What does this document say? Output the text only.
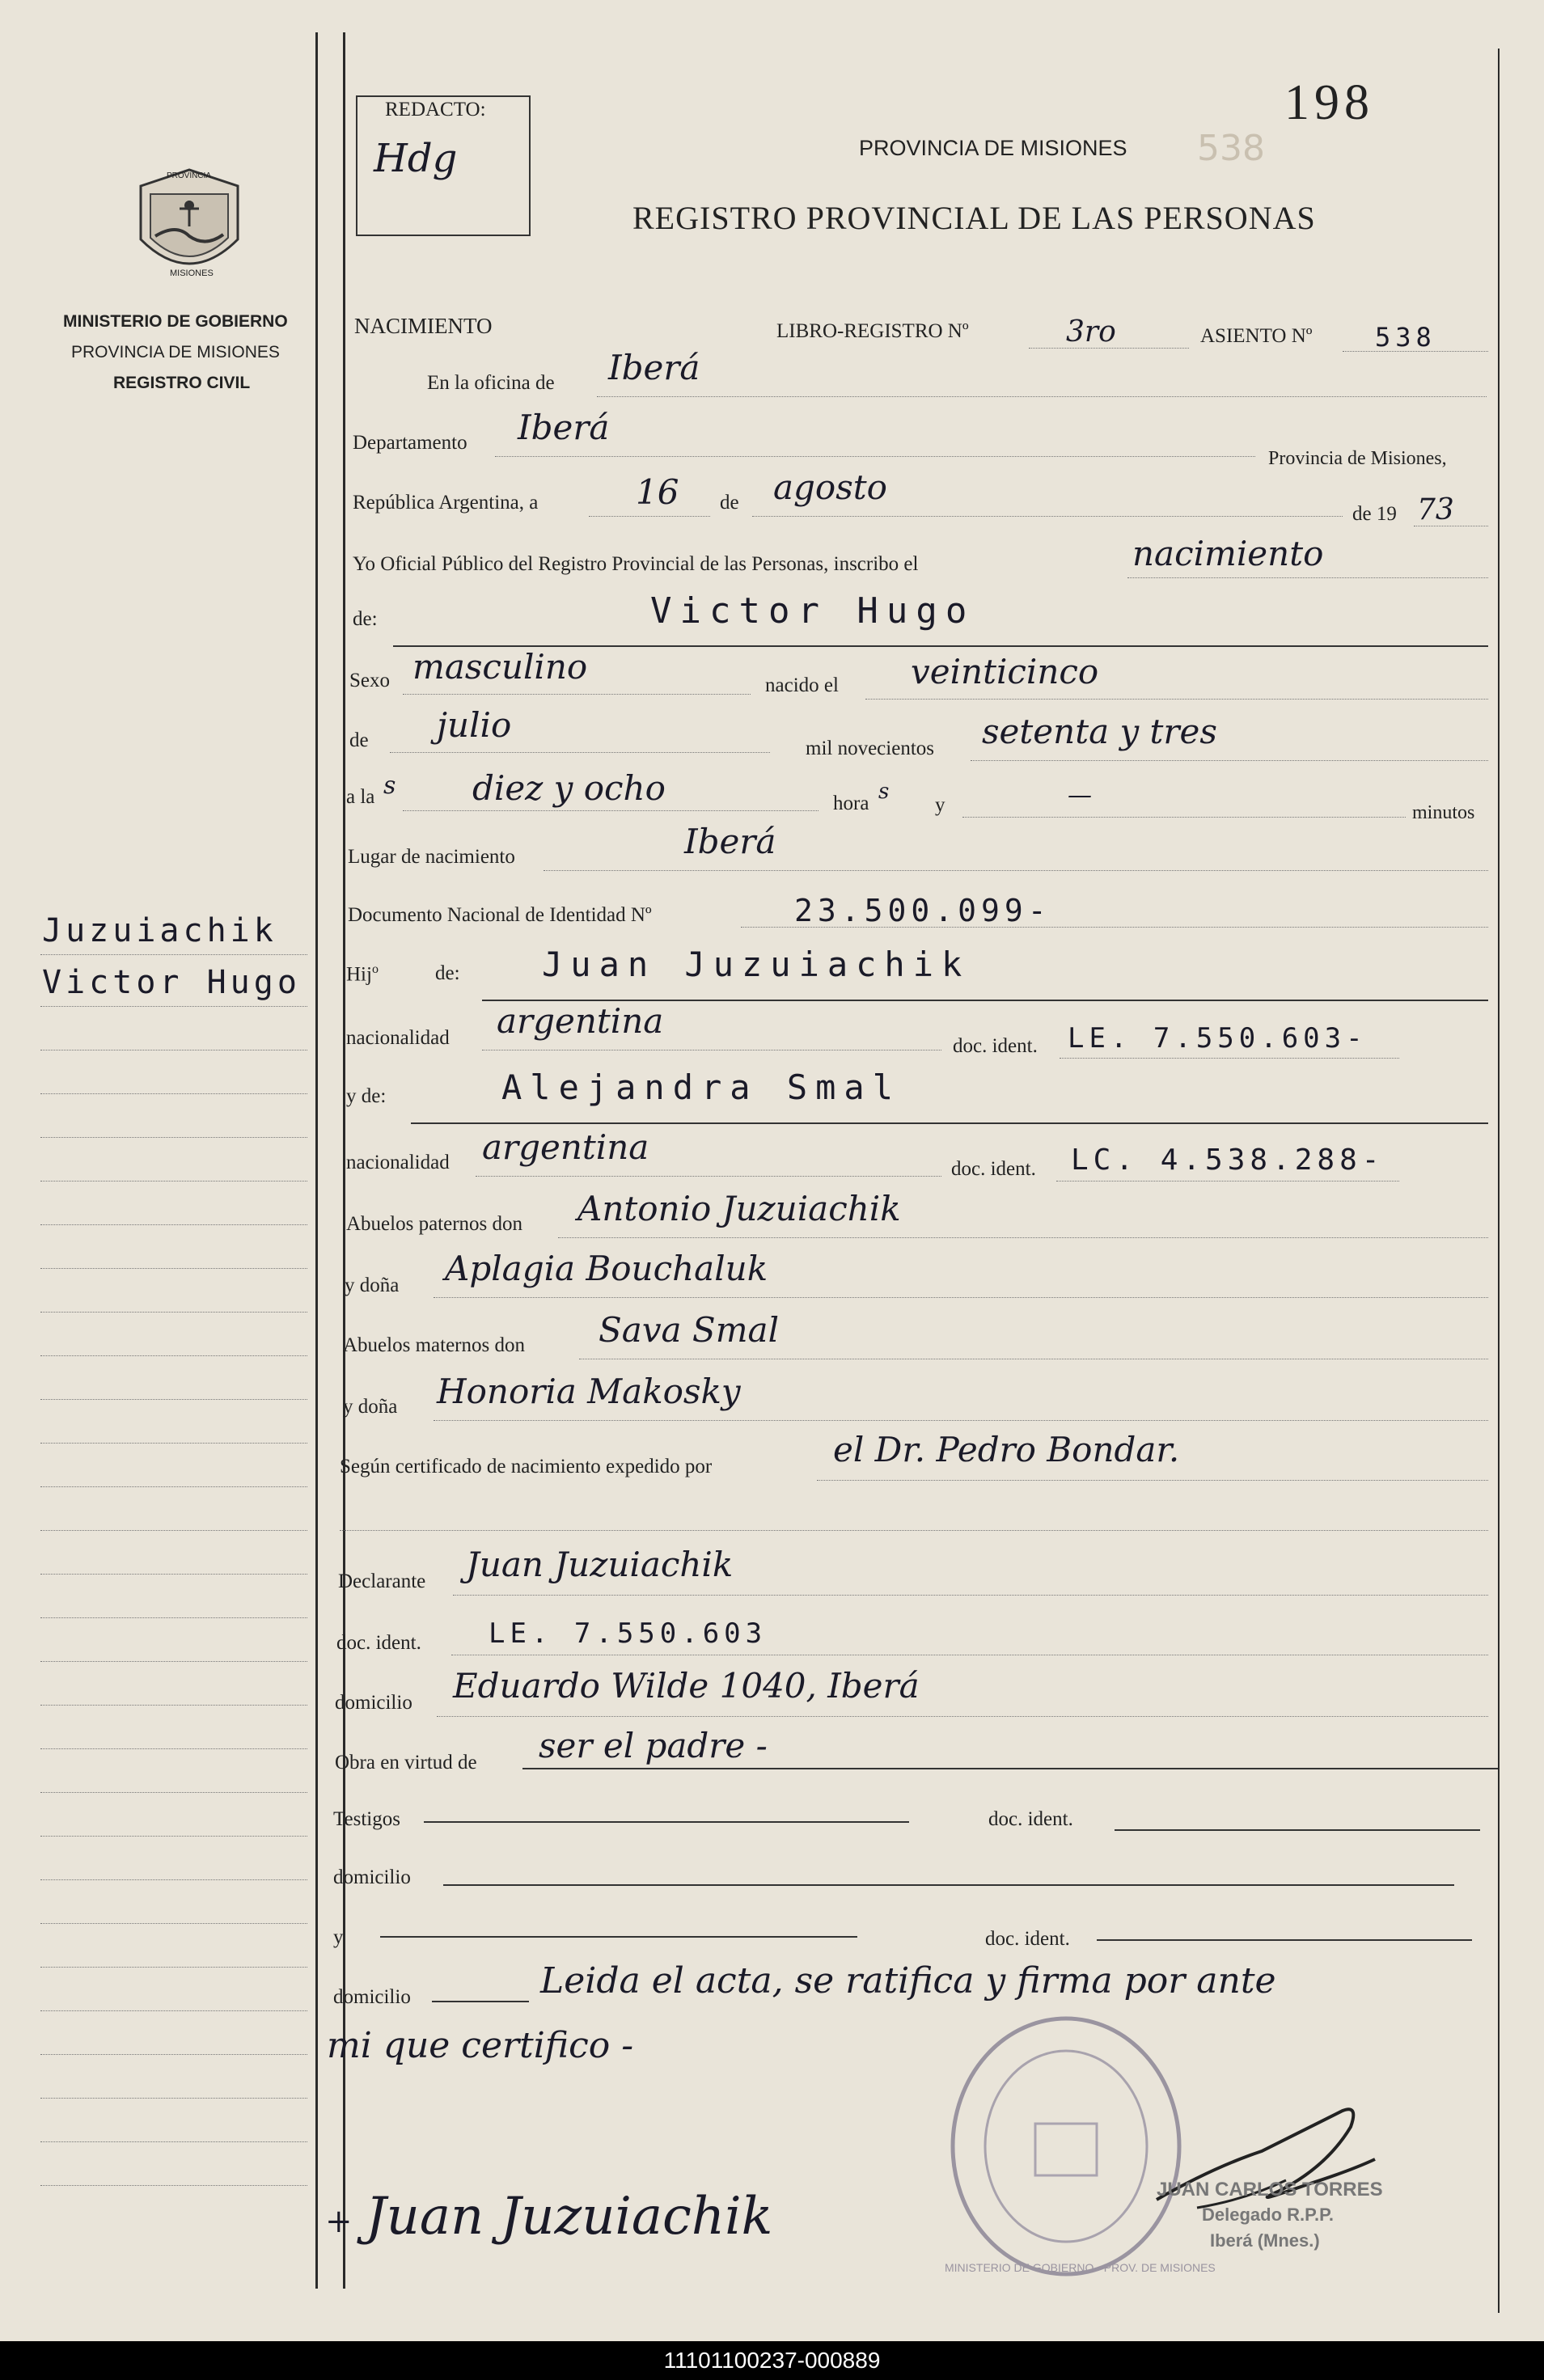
REDACTO:
Hdg
198
PROVINCIA DE MISIONES 538
REGISTRO PROVINCIAL DE LAS PERSONAS
PROVINCIA
MISIONES
MINISTERIO DE GOBIERNO
PROVINCIA DE MISIONES
REGISTRO CIVIL
Juzuiachik
Victor Hugo
NACIMIENTO	LIBRO-REGISTRO Nº	3ro	ASIENTO Nº 538
En la oficina de Iberá
Departamento Iberá
Provincia de Misiones,
República Argentina, a	16 de agosto
de 19 73
Yo Oficial Público del Registro Provincial de las Personas, inscribo el	nacimiento
de:	Victor Hugo
Sexo masculino	nacido el veinticinco
de julio
mil novecientos setenta y tres
a la s diez y ocho	hora s
y	—
minutos
Lugar de nacimiento	Iberá
Documento Nacional de Identidad Nº	23.500.099-
Hij$^o$	de: Juan Juzuiachik
nacionalidad argentina
doc. ident. LE. 7.550.603-
y de:	Alejandra Smal
nacionalidad argentina
doc. ident. LC. 4.538.288-
Abuelos paternos don Antonio Juzuiachik
y doña Aplagia Bouchaluk
Abuelos maternos don Sava Smal
y doña Honoria Makosky
Según certificado de nacimiento expedido por	el Dr. Pedro Bondar.
Declarante Juan Juzuiachik
doc. ident. LE. 7.550.603
domicilio Eduardo Wilde 1040, Iberá
Obra en virtud de ser el padre -
Testigos	doc. ident.
domicilio
y	doc. ident.
domicilio	Leida el acta, se ratifica y firma por ante
mi que certifico -
MINISTERIO DE GOBIERNO · PROV. DE MISIONES
JUAN CARLOS TORRES
Delegado R.P.P.
Iberá (Mnes.)
+ Juan Juzuiachik
11101100237-000889
